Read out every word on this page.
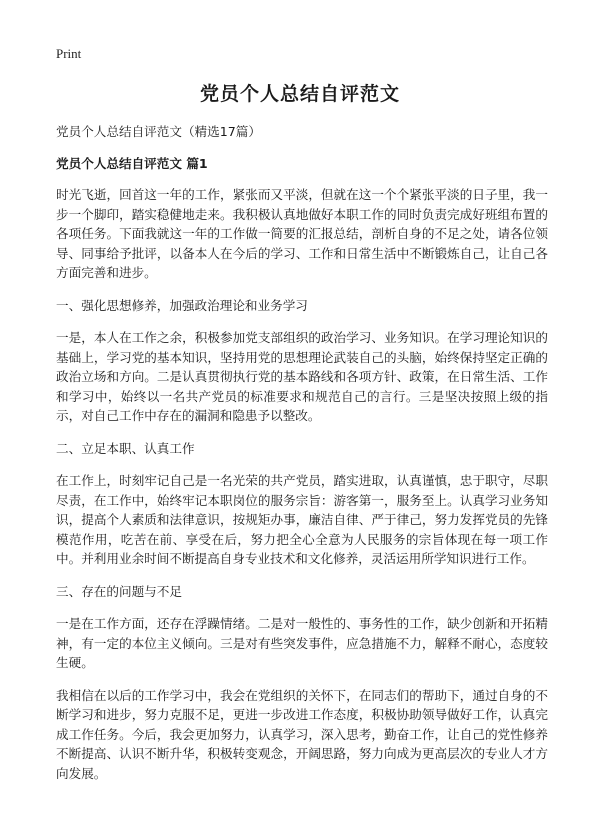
Print
党员个人总结自评范文

党员个人总结自评范文（精选17篇）

党员个人总结自评范文 篇1

时光飞逝，回首这一年的工作，紧张而又平淡，但就在这一个个紧张平淡的日子里，我一步一个脚印，踏实稳健地走来。我积极认真地做好本职工作的同时负责完成好班组布置的各项任务。下面我就这一年的工作做一简要的汇报总结，剖析自身的不足之处，请各位领导、同事给予批评，以备本人在今后的学习、工作和日常生活中不断锻炼自己，让自己各方面完善和进步。

一、强化思想修养，加强政治理论和业务学习

一是，本人在工作之余，积极参加党支部组织的政治学习、业务知识。在学习理论知识的基础上，学习党的基本知识，坚持用党的思想理论武装自己的头脑，始终保持坚定正确的政治立场和方向。二是认真贯彻执行党的基本路线和各项方针、政策，在日常生活、工作和学习中，始终以一名共产党员的标准要求和规范自己的言行。三是坚决按照上级的指示，对自己工作中存在的漏洞和隐患予以整改。

二、立足本职、认真工作

在工作上，时刻牢记自己是一名光荣的共产党员，踏实进取，认真谨慎，忠于职守，尽职尽责，在工作中，始终牢记本职岗位的服务宗旨：游客第一，服务至上。认真学习业务知识，提高个人素质和法律意识，按规矩办事，廉洁自律、严于律己，努力发挥党员的先锋模范作用，吃苦在前、享受在后，努力把全心全意为人民服务的宗旨体现在每一项工作中。并利用业余时间不断提高自身专业技术和文化修养，灵活运用所学知识进行工作。

三、存在的问题与不足

一是在工作方面，还存在浮躁情绪。二是对一般性的、事务性的工作，缺少创新和开拓精神，有一定的本位主义倾向。三是对有些突发事件，应急措施不力，解释不耐心，态度较生硬。

我相信在以后的工作学习中，我会在党组织的关怀下，在同志们的帮助下，通过自身的不断学习和进步，努力克服不足，更进一步改进工作态度，积极协助领导做好工作，认真完成工作任务。今后，我会更加努力，认真学习，深入思考，勤奋工作，让自己的党性修养不断提高、认识不断升华，积极转变观念，开阔思路，努力向成为更高层次的专业人才方向发展。
